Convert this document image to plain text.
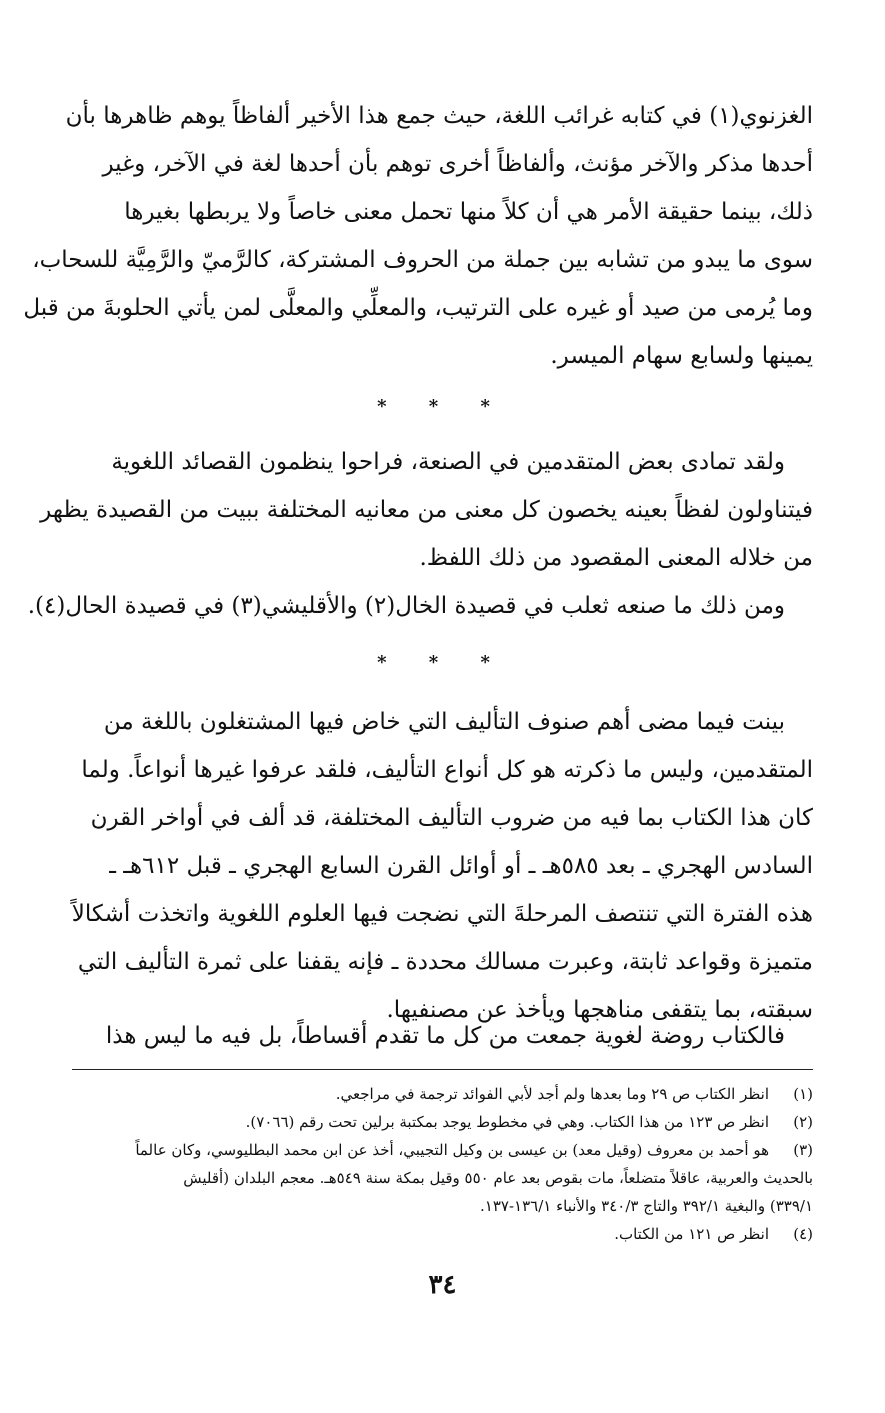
الغزنوي(١) في كتابه غرائب اللغة، حيث جمع هذا الأخير ألفاظاً يوهم ظاهرها بأن
أحدها مذكر والآخر مؤنث، وألفاظاً أخرى توهم بأن أحدها لغة في الآخر، وغير
ذلك، بينما حقيقة الأمر هي أن كلاً منها تحمل معنى خاصاً ولا يربطها بغيرها
سوى ما يبدو من تشابه بين جملة من الحروف المشتركة، كالرَّميّ والرَّمِيَّة للسحاب،
وما يُرمى من صيد أو غيره على الترتيب، والمعلِّي والمعلَّى لمن يأتي الحلوبةَ من قبل
يمينها ولسابع سهام الميسر.
* * *
ولقد تمادى بعض المتقدمين في الصنعة، فراحوا ينظمون القصائد اللغوية
فيتناولون لفظاً بعينه يخصون كل معنى من معانيه المختلفة ببيت من القصيدة يظهر
من خلاله المعنى المقصود من ذلك اللفظ.
ومن ذلك ما صنعه ثعلب في قصيدة الخال(٢) والأقليشي(٣) في قصيدة الحال(٤).
* * *
بينت فيما مضى أهم صنوف التأليف التي خاض فيها المشتغلون باللغة من
المتقدمين، وليس ما ذكرته هو كل أنواع التأليف، فلقد عرفوا غيرها أنواعاً. ولما
كان هذا الكتاب بما فيه من ضروب التأليف المختلفة، قد ألف في أواخر القرن
السادس الهجري ـ بعد ٥٨٥هـ ـ أو أوائل القرن السابع الهجري ـ قبل ٦١٢هـ ـ
هذه الفترة التي تنتصف المرحلةَ التي نضجت فيها العلوم اللغوية واتخذت أشكالاً
متميزة وقواعد ثابتة، وعبرت مسالك محددة ـ فإنه يقفنا على ثمرة التأليف التي
سبقته، بما يتقفى مناهجها ويأخذ عن مصنفيها.
فالكتاب روضة لغوية جمعت من كل ما تقدم أقساطاً، بل فيه ما ليس هذا
(١)
انظر الكتاب ص ٢٩ وما بعدها ولم أجد لأبي الفوائد ترجمة في مراجعي.
(٢)
انظر ص ١٢٣ من هذا الكتاب. وهي في مخطوط يوجد بمكتبة برلين تحت رقم (٧٠٦٦).
(٣)
هو أحمد بن معروف (وقيل معد) بن عيسى بن وكيل التجيبي، أخذ عن ابن محمد البطليوسي، وكان عالماً
بالحديث والعربية، عاقلاً متضلعاً، مات بقوص بعد عام ٥٥٠ وقيل بمكة سنة ٥٤٩هـ. معجم البلدان (أقليش
٣٣٩/١) والبغية ٣٩٢/١ والتاج ٣٤٠/٣ والأنباء ١٣٦/١-١٣٧.
(٤)
انظر ص ١٢١ من الكتاب.
٣٤
